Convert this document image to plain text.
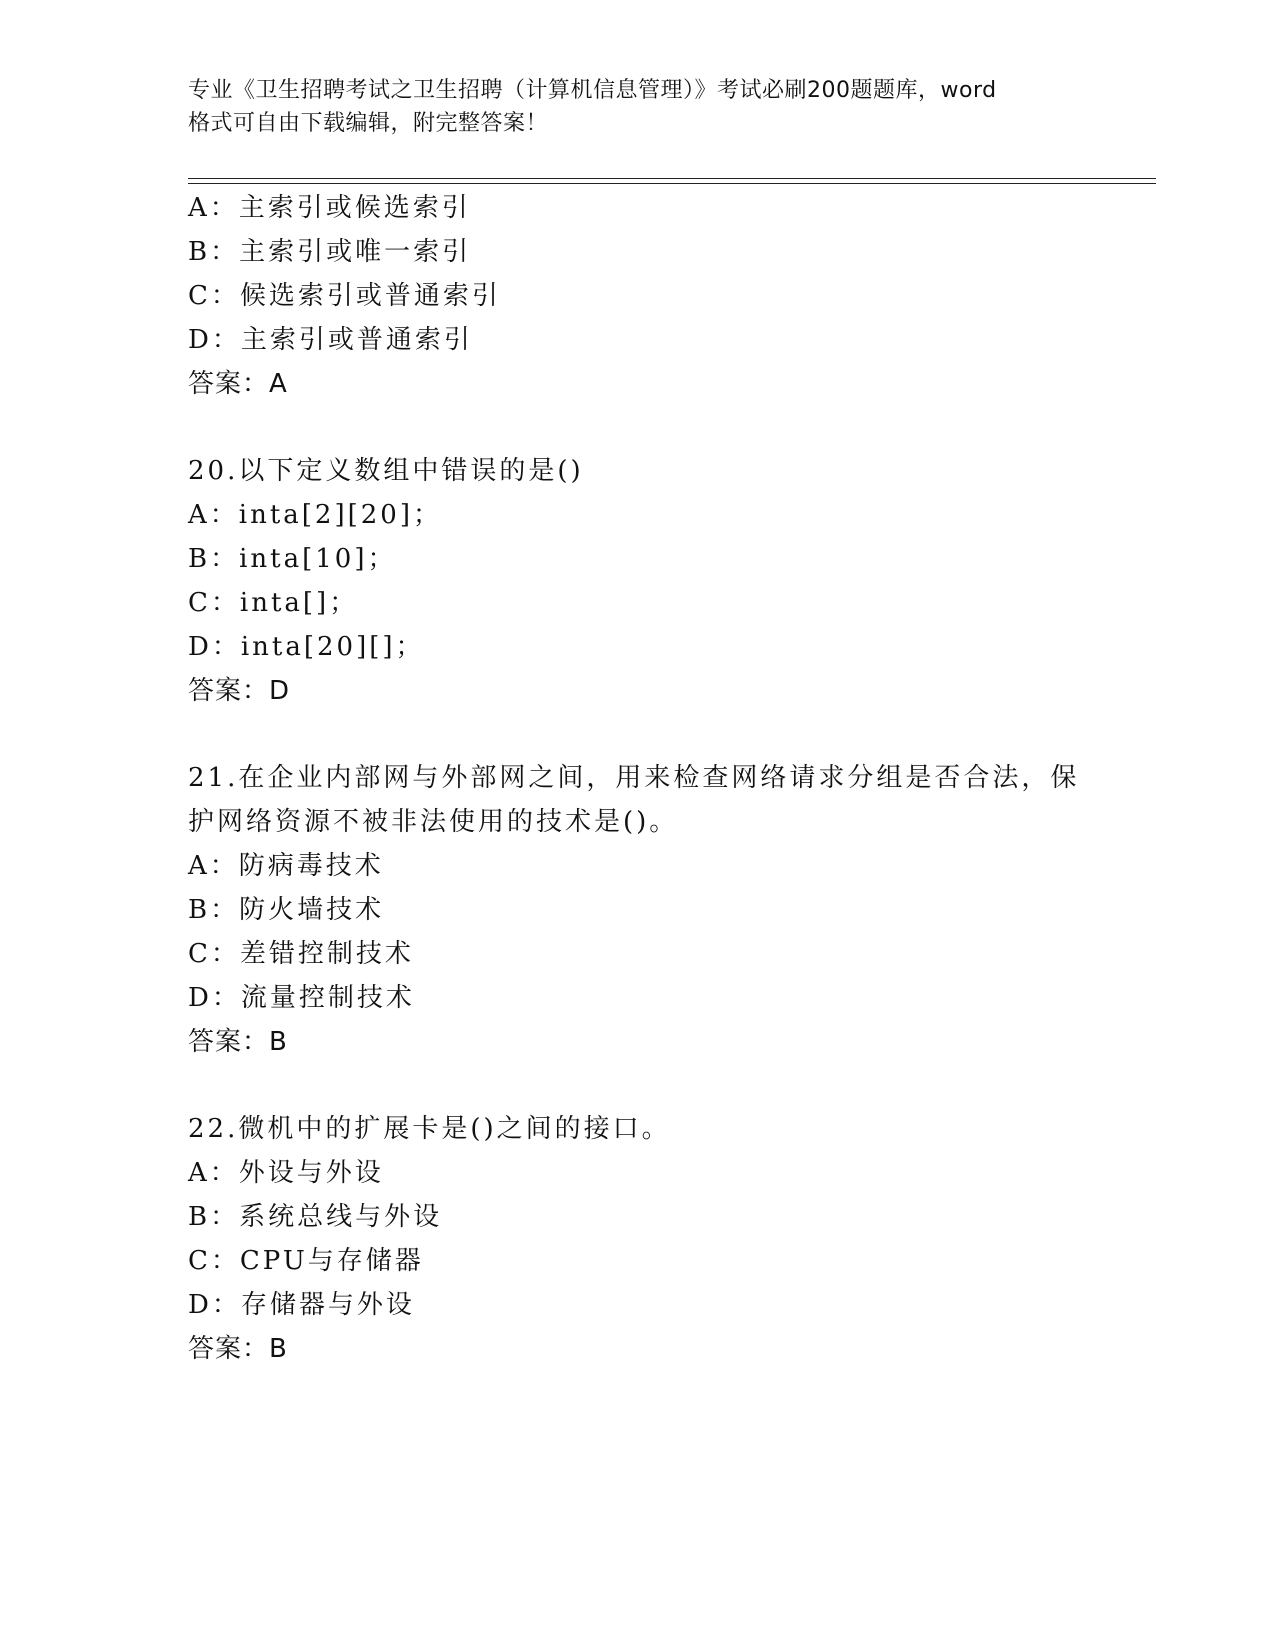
专业《卫生招聘考试之卫生招聘（计算机信息管理）》考试必刷200题题库，word
格式可自由下载编辑，附完整答案！
A：主索引或候选索引
B：主索引或唯一索引
C：候选索引或普通索引
D：主索引或普通索引
答案：A
20.以下定义数组中错误的是()
A：inta[2][20]；
B：inta[10]；
C：inta[]；
D：inta[20][]；
答案：D
21.在企业内部网与外部网之间，用来检查网络请求分组是否合法，保
护网络资源不被非法使用的技术是()。
A：防病毒技术
B：防火墙技术
C：差错控制技术
D：流量控制技术
答案：B
22.微机中的扩展卡是()之间的接口。
A：外设与外设
B：系统总线与外设
C：CPU与存储器
D：存储器与外设
答案：B
